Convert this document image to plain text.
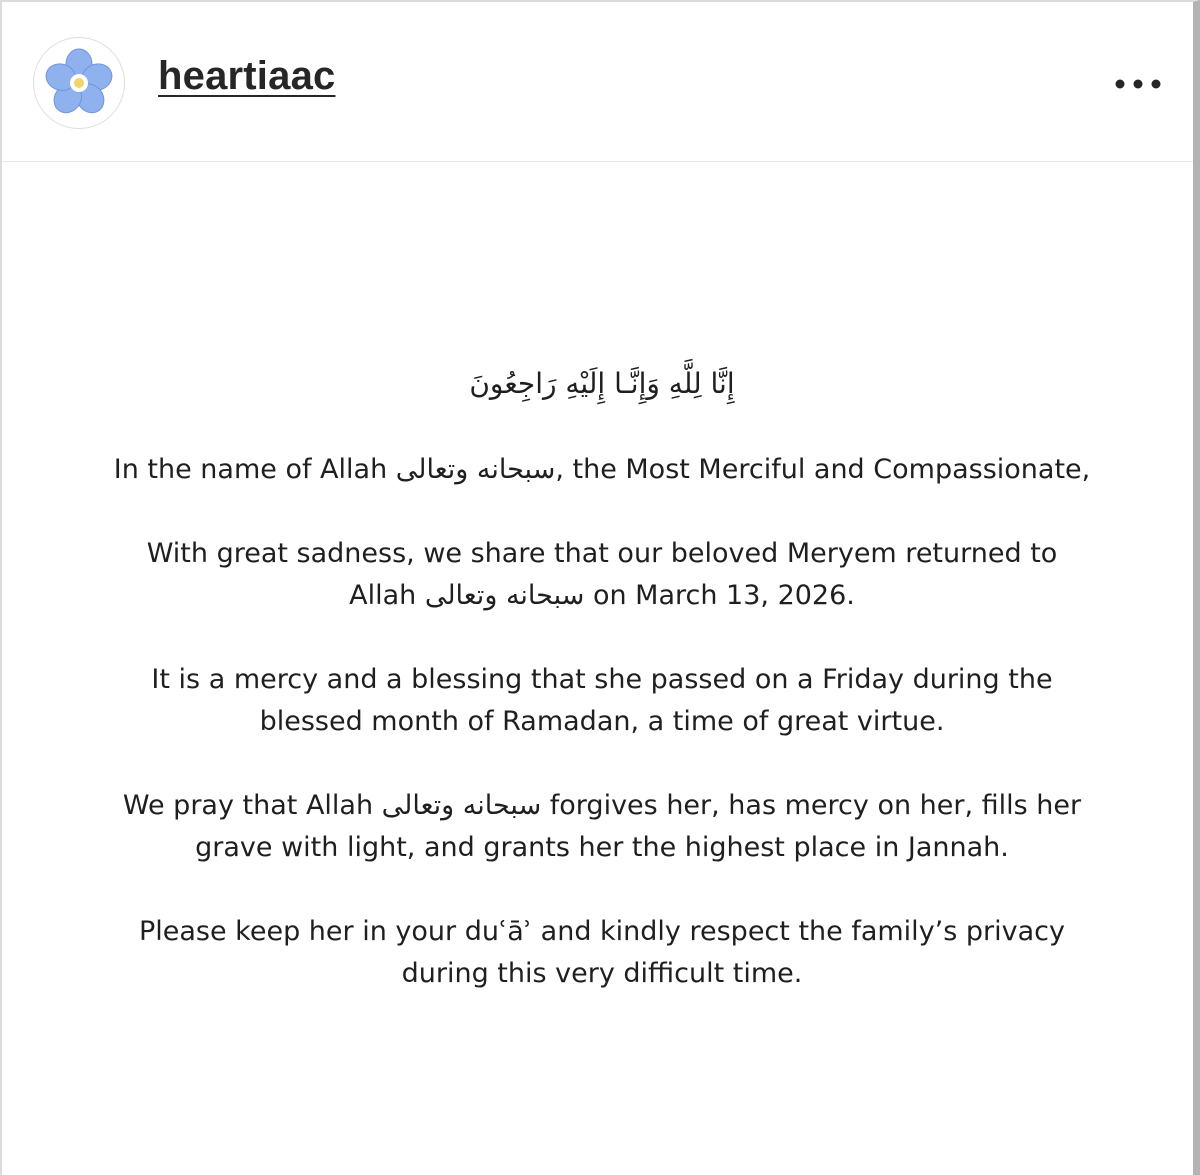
heartiaac

إِنَّا لِلَّهِ وَإِنَّـا إِلَيْهِ رَاجِعُونَ

In the name of Allah سبحانه وتعالى, the Most Merciful and Compassionate,

With great sadness, we share that our beloved Meryem returned to Allah سبحانه وتعالى on March 13, 2026.

It is a mercy and a blessing that she passed on a Friday during the blessed month of Ramadan, a time of great virtue.

We pray that Allah سبحانه وتعالى forgives her, has mercy on her, fills her grave with light, and grants her the highest place in Jannah.

Please keep her in your duʿāʾ and kindly respect the family’s privacy during this very difficult time.
